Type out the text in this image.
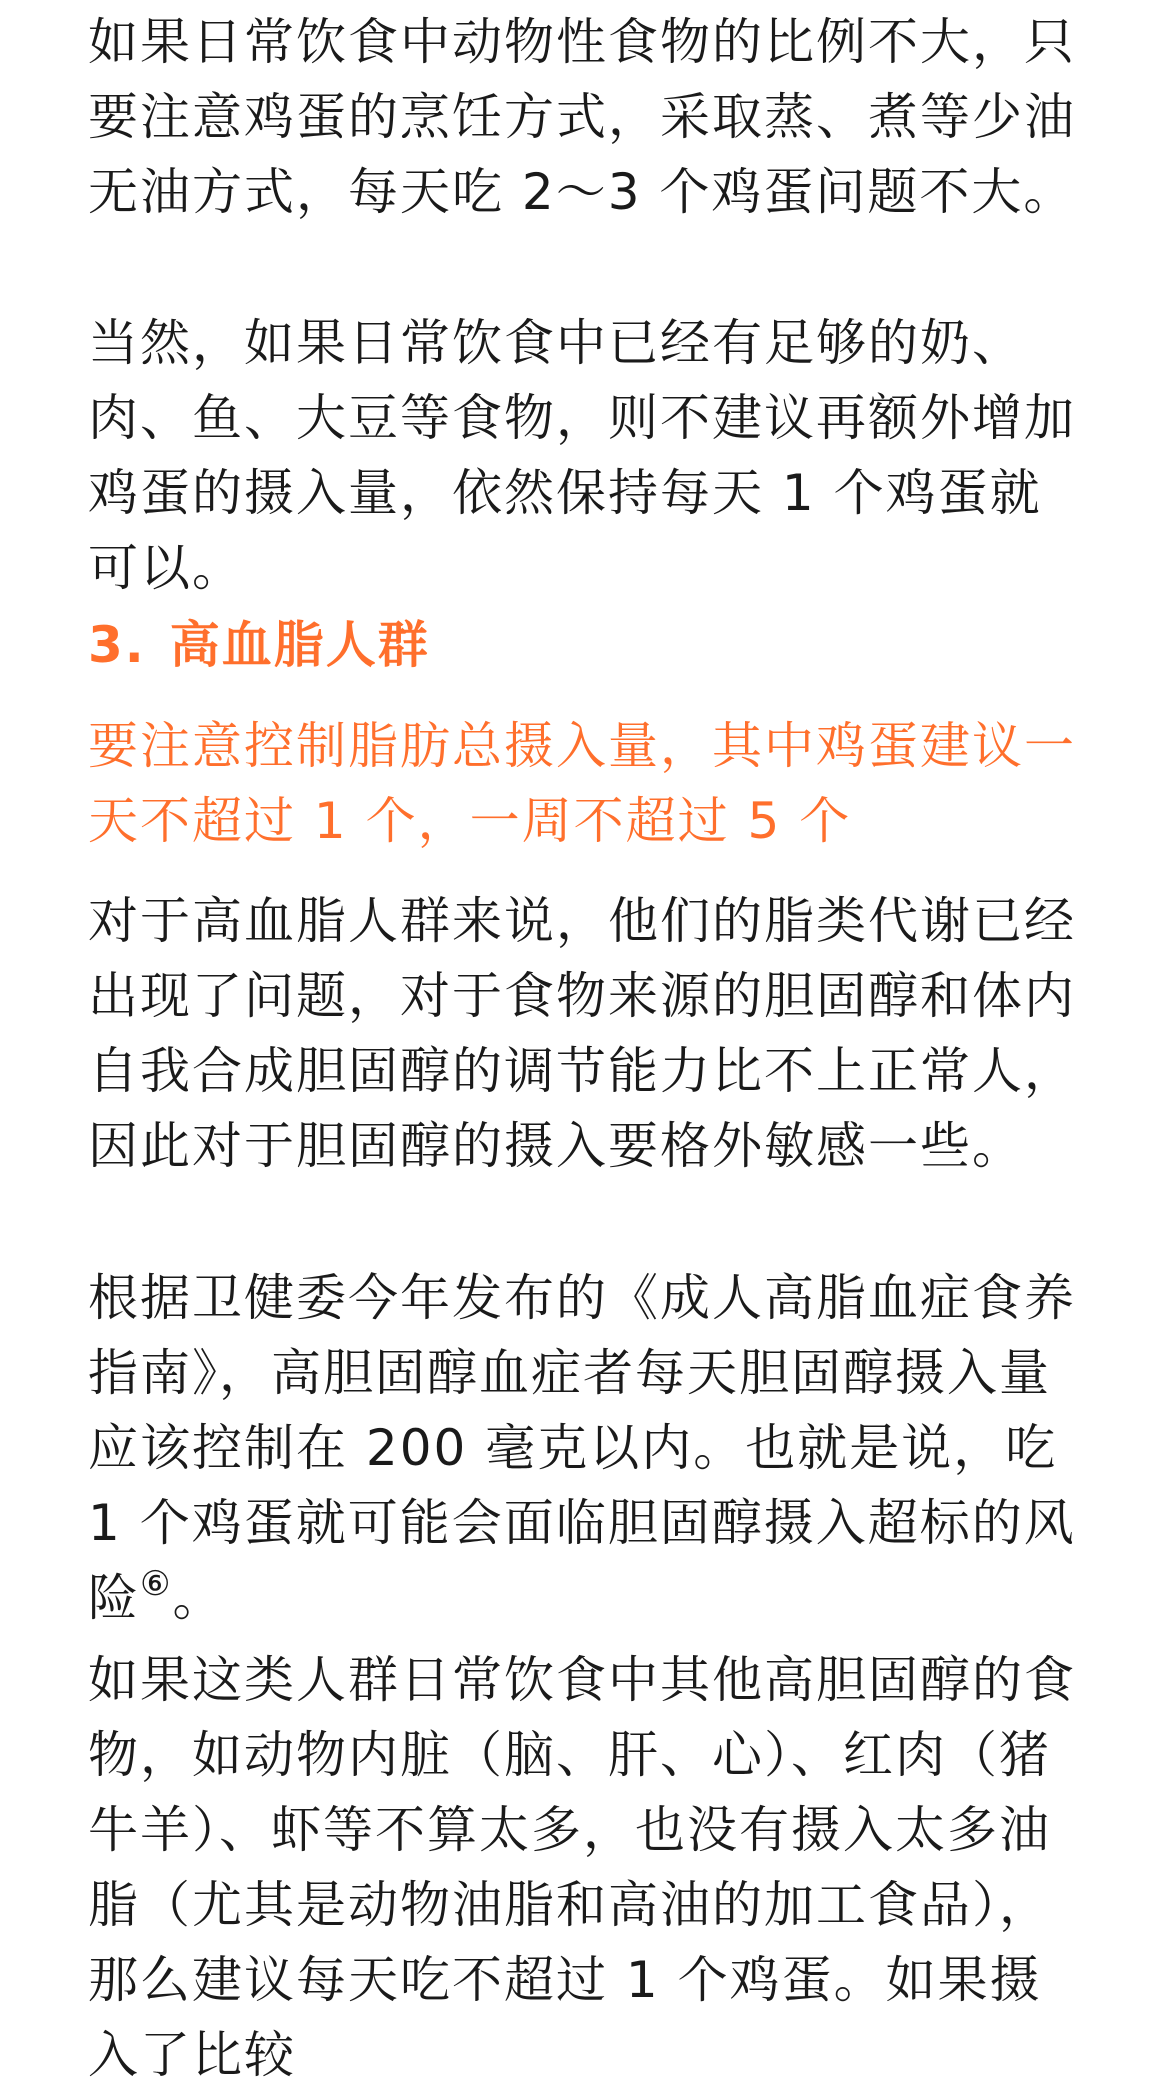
如果日常饮食中动物性食物的比例不大，只要注意鸡蛋的烹饪方式，采取蒸、煮等少油无油方式，每天吃 2～3 个鸡蛋问题不大。

当然，如果日常饮食中已经有足够的奶、肉、鱼、大豆等食物，则不建议再额外增加鸡蛋的摄入量，依然保持每天 1 个鸡蛋就可以。

3. 高血脂人群

要注意控制脂肪总摄入量，其中鸡蛋建议一天不超过 1 个，一周不超过 5 个

对于高血脂人群来说，他们的脂类代谢已经出现了问题，对于食物来源的胆固醇和体内自我合成胆固醇的调节能力比不上正常人，因此对于胆固醇的摄入要格外敏感一些。

根据卫健委今年发布的《成人高脂血症食养指南》，高胆固醇血症者每天胆固醇摄入量应该控制在 200 毫克以内。也就是说，吃 1 个鸡蛋就可能会面临胆固醇摄入超标的风险⑥。

如果这类人群日常饮食中其他高胆固醇的食物，如动物内脏（脑、肝、心）、红肉（猪牛羊）、虾等不算太多，也没有摄入太多油脂（尤其是动物油脂和高油的加工食品），那么建议每天吃不超过 1 个鸡蛋。如果摄入了比较
